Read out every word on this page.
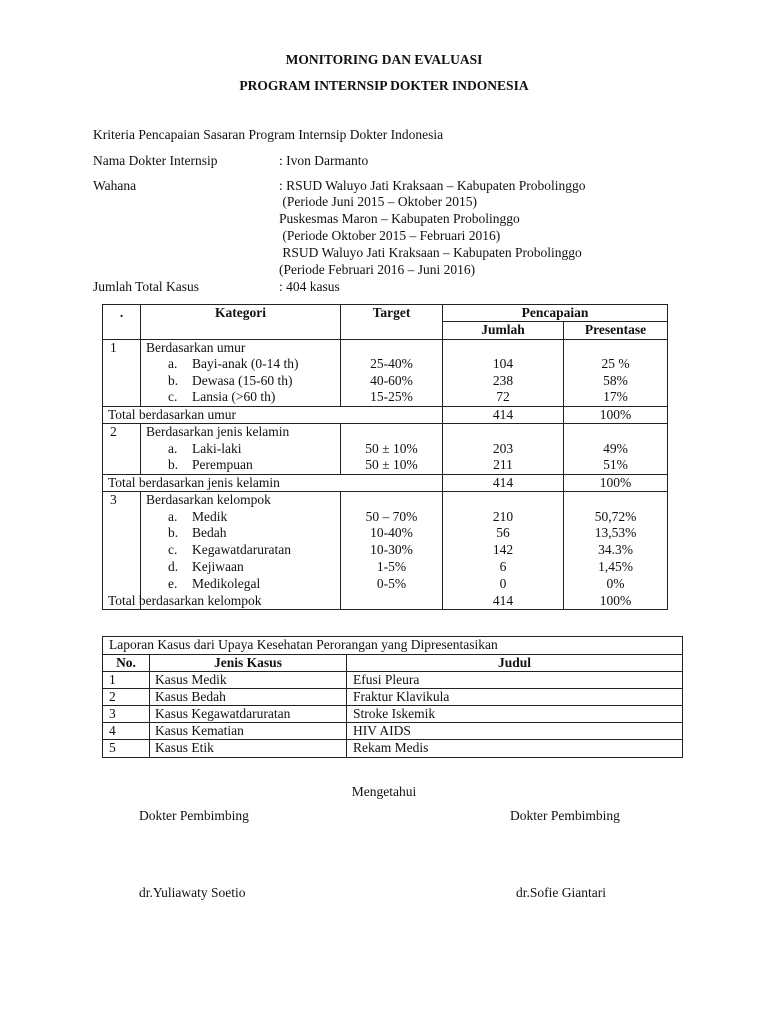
MONITORING DAN EVALUASI
PROGRAM INTERNSIP DOKTER INDONESIA
Kriteria Pencapaian Sasaran Program Internsip Dokter Indonesia
Nama Dokter Internsip	: Ivon Darmanto
Wahana	: RSUD Waluyo Jati Kraksaan – Kabupaten Probolinggo
(Periode Juni 2015 – Oktober 2015)
Puskesmas Maron – Kabupaten Probolinggo
(Periode Oktober 2015 – Februari 2016)
RSUD Waluyo Jati Kraksaan – Kabupaten Probolinggo
(Periode Februari 2016 – Juni 2016)
Jumlah Total Kasus	: 404 kasus
.	Kategori	Target	Pencapaian
Jumlah	Presentase
1 Berdasarkan umur
a. Bayi-anak (0-14 th)	25-40%	104	25 %
b. Dewasa (15-60 th)	40-60%	238	58%
c. Lansia (>60 th)	15-25%	72	17%
Total berdasarkan umur	414	100%
2 Berdasarkan jenis kelamin
a. Laki-laki	50 ± 10%	203	49%
b. Perempuan	50 ± 10%	211	51%
Total berdasarkan jenis kelamin	414	100%
3 Berdasarkan kelompok
a. Medik	50 – 70%	210	50,72%
b. Bedah	10-40%	56	13,53%
c. Kegawatdaruratan	10-30%	142	34.3%
d. Kejiwaan	1-5%	6	1,45%
e. Medikolegal	0-5%	0	0%
Total berdasarkan kelompok	414	100%
Laporan Kasus dari Upaya Kesehatan Perorangan yang Dipresentasikan
No.	Jenis Kasus	Judul
1	Kasus Medik	Efusi Pleura
2	Kasus Bedah	Fraktur Klavikula
3	Kasus Kegawatdaruratan	Stroke Iskemik
4	Kasus Kematian	HIV AIDS
5	Kasus Etik	Rekam Medis
Mengetahui
Dokter Pembimbing	Dokter Pembimbing
dr.Yuliawaty Soetio	dr.Sofie Giantari
